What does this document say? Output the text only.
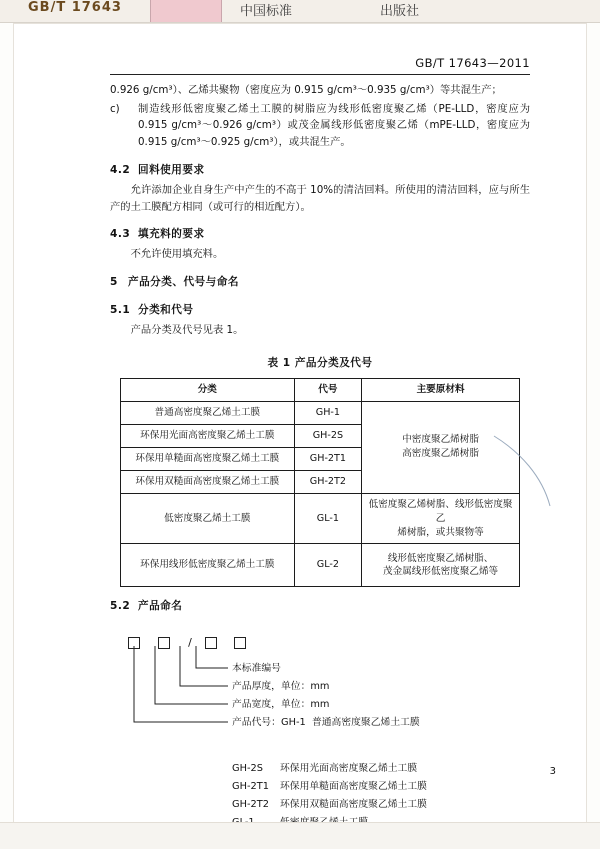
GB/T 17643	中国标准	出版社
GB/T 17643—2011

0.926 g/cm³）、乙烯共聚物（密度应为 0.915 g/cm³～0.935 g/cm³）等共混生产；

c)	制造线形低密度聚乙烯土工膜的树脂应为线形低密度聚乙烯（PE-LLD，密度应为 0.915 g/cm³～0.926 g/cm³）或茂金属线形低密度聚乙烯（mPE-LLD，密度应为 0.915 g/cm³～0.925 g/cm³），或共混生产。
4.2 回料使用要求

允许添加企业自身生产中产生的不高于 10%的清洁回料。所使用的清洁回料，应与所生产的土工膜配方相同（或可行的相近配方）。

4.3 填充料的要求

不允许使用填充料。

5 产品分类、代号与命名
5.1 分类和代号

产品分类及代号见表 1。

表 1 产品分类及代号
分类	代号	主要原材料
普通高密度聚乙烯土工膜	GH-1	中密度聚乙烯树脂
高密度聚乙烯树脂

环保用光面高密度聚乙烯土工膜	GH-2S	
环保用单糙面高密度聚乙烯土工膜	GH-2T1	
环保用双糙面高密度聚乙烯土工膜	GH-2T2	
低密度聚乙烯土工膜	GL-1	低密度聚乙烯树脂、线形低密度聚乙
烯树脂，或共聚物等

环保用线形低密度聚乙烯土工膜	GL-2	线形低密度聚乙烯树脂、
茂金属线形低密度聚乙烯等
5.2 产品命名
/
本标准编号
产品厚度，单位：mm
产品宽度，单位：mm
产品代号：GH-1 普通高密度聚乙烯土工膜
GH-2S 环保用光面高密度聚乙烯土工膜
GH-2T1 环保用单糙面高密度聚乙烯土工膜
GH-2T2 环保用双糙面高密度聚乙烯土工膜
3
